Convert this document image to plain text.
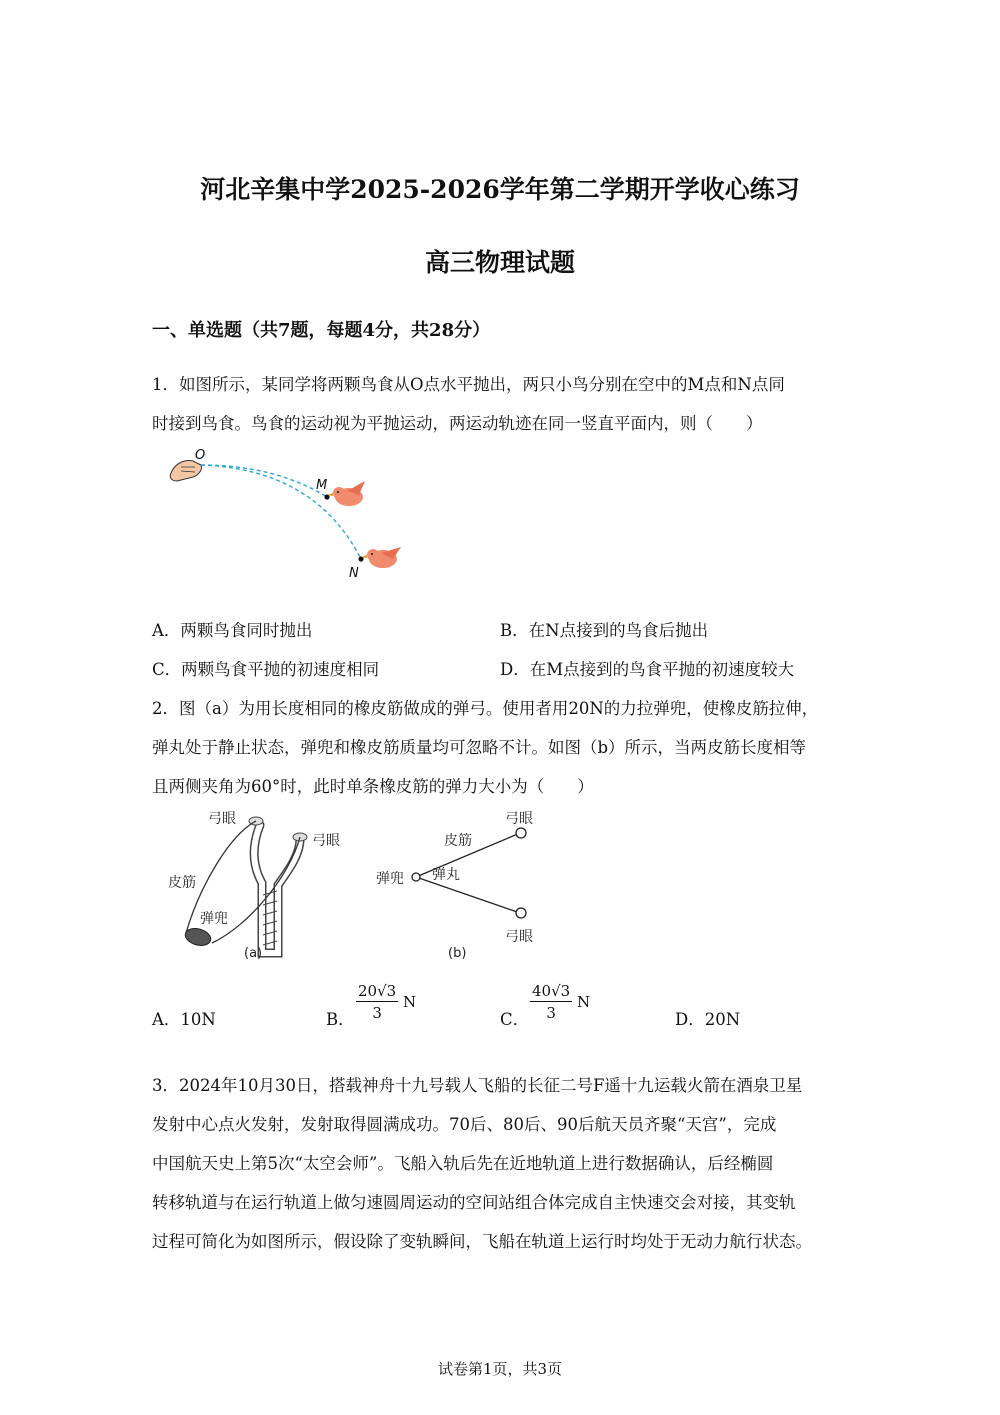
河北辛集中学2025-2026学年第二学期开学收心练习
高三物理试题
一、单选题（共7题，每题4分，共28分）
1．如图所示，某同学将两颗鸟食从O点水平抛出，两只小鸟分别在空中的M点和N点同
时接到鸟食。鸟食的运动视为平抛运动，两运动轨迹在同一竖直平面内，则（　　）
O
M
N
A．两颗鸟食同时抛出	B．在N点接到的鸟食后抛出
C．两颗鸟食平抛的初速度相同	D．在M点接到的鸟食平抛的初速度较大
2．图（a）为用长度相同的橡皮筋做成的弹弓。使用者用20N的力拉弹兜，使橡皮筋拉伸，
弹丸处于静止状态，弹兜和橡皮筋质量均可忽略不计。如图（b）所示，当两皮筋长度相等
且两侧夹角为60°时，此时单条橡皮筋的弹力大小为（　　）
弓眼
弓眼
皮筋
弹兜
(a)
弓眼
弓眼
皮筋
弹兜 弹丸
(b)
A．10N	B． $\frac{20√3}{3}$ N
C． $\frac{40√3}{3}$ N
D．20N
3．2024年10月30日，搭载神舟十九号载人飞船的长征二号F遥十九运载火箭在酒泉卫星
发射中心点火发射，发射取得圆满成功。70后、80后、90后航天员齐聚“天宫”，完成
中国航天史上第5次“太空会师”。飞船入轨后先在近地轨道上进行数据确认，后经椭圆
转移轨道与在运行轨道上做匀速圆周运动的空间站组合体完成自主快速交会对接，其变轨
过程可简化为如图所示，假设除了变轨瞬间，飞船在轨道上运行时均处于无动力航行状态。
试卷第1页，共3页
